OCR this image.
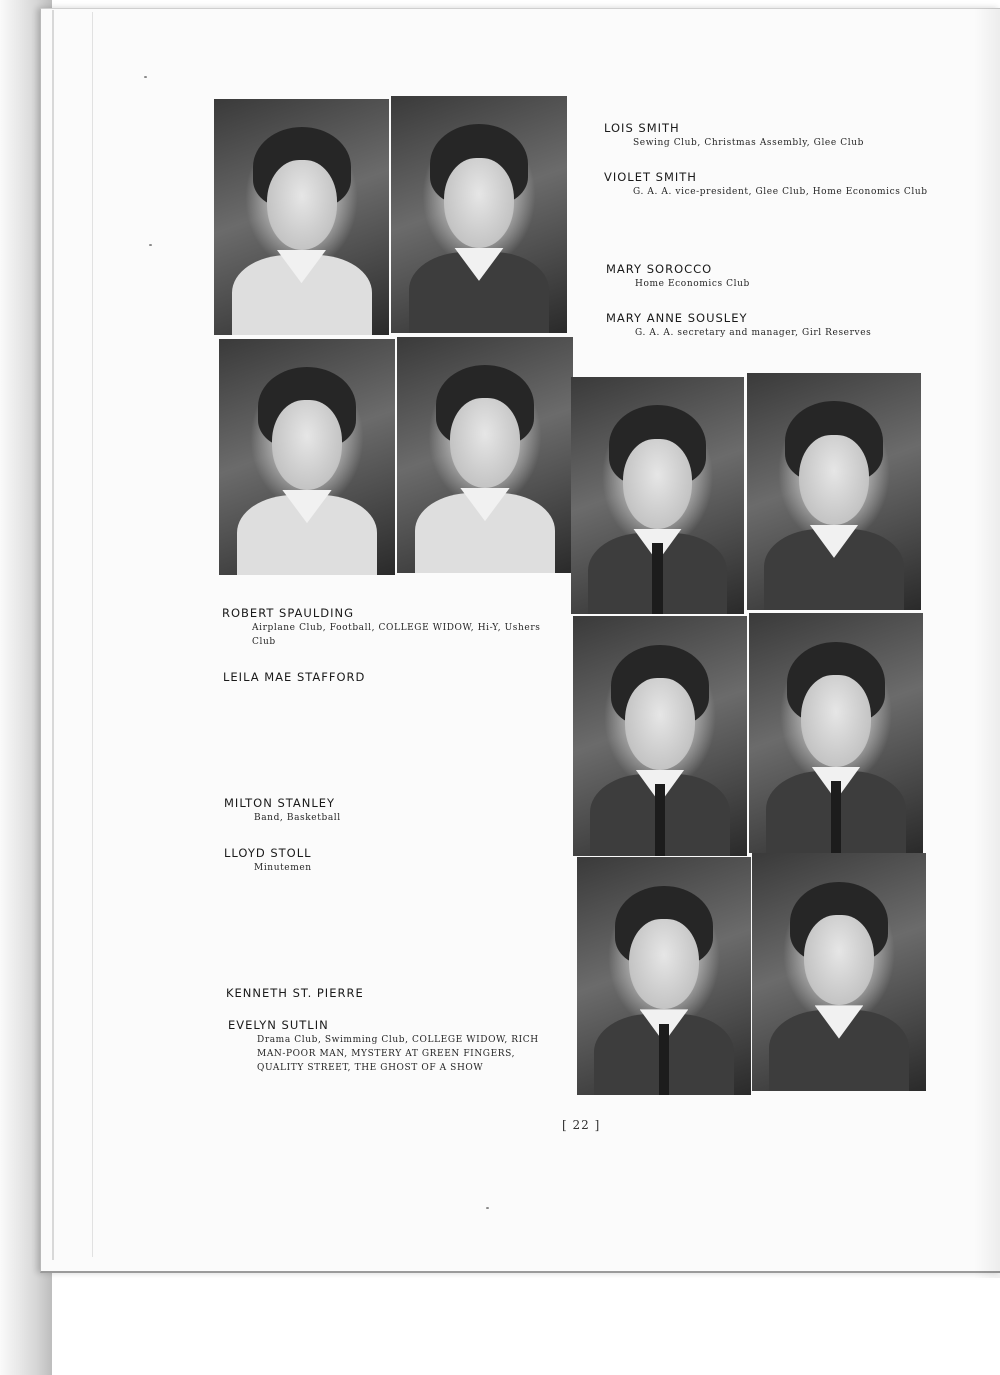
LOIS SMITH

Sewing Club, Christmas Assembly, Glee Club

VIOLET SMITH

G. A. A. vice-president, Glee Club, Home Economics Club

MARY SOROCCO

Home Economics Club

MARY ANNE SOUSLEY

G. A. A. secretary and manager, Girl Reserves

ROBERT SPAULDING

Airplane Club, Football, COLLEGE WIDOW, Hi-Y, Ushers Club

LEILA MAE STAFFORD

MILTON STANLEY

Band, Basketball

LLOYD STOLL

Minutemen

KENNETH ST. PIERRE

EVELYN SUTLIN

Drama Club, Swimming Club, COLLEGE WIDOW, RICH MAN-POOR MAN, MYSTERY AT GREEN FINGERS, QUALITY STREET, THE GHOST OF A SHOW

[ 22 ]
